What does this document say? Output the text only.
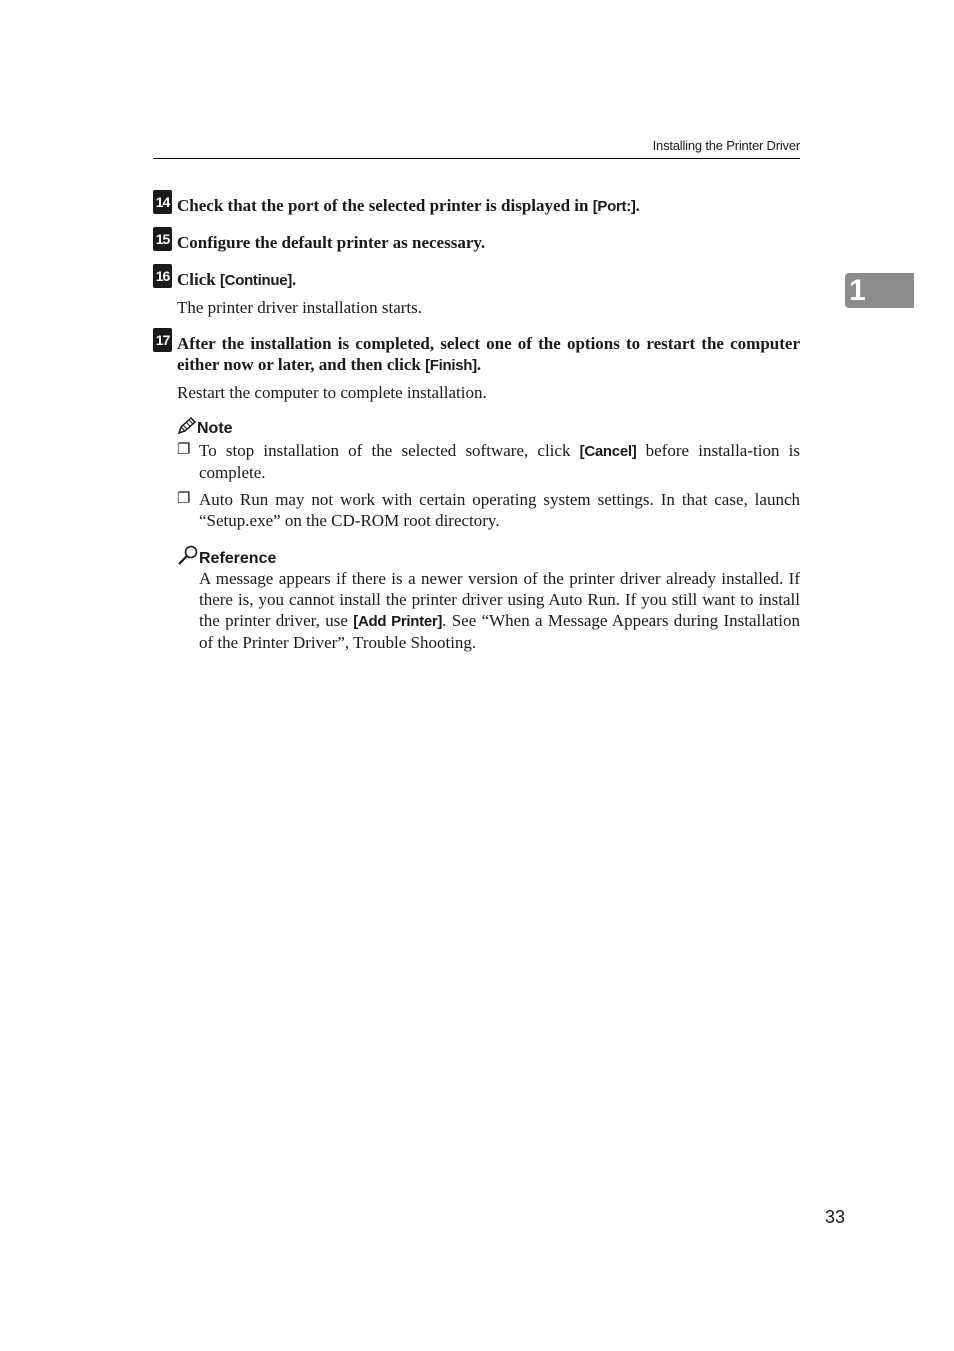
Installing the Printer Driver
1
14 Check that the port of the selected printer is displayed in [Port:].
15 Configure the default printer as necessary.
16 Click [Continue].
The printer driver installation starts.
17 After the installation is completed, select one of the options to restart the computer either now or later, and then click [Finish].
Restart the computer to complete installation.
Note
❐ To stop installation of the selected software, click [Cancel] before installa-tion is complete.
❐ Auto Run may not work with certain operating system settings. In that case, launch “Setup.exe” on the CD-ROM root directory.
Reference
A message appears if there is a newer version of the printer driver already installed. If there is, you cannot install the printer driver using Auto Run. If you still want to install the printer driver, use [Add Printer]. See “When a Message Appears during Installation of the Printer Driver”, Trouble Shooting.
33
